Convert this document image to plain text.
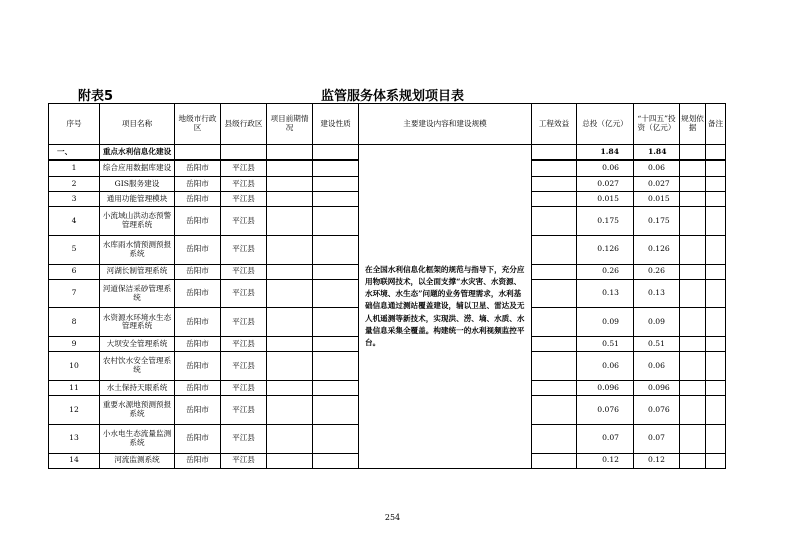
附表5	监管服务体系规划项目表
序号	项目名称	地级市行政区	县级行政区	项目前期情况	建设性质	主要建设内容和建设规模	工程效益	总投（亿元）	“十四五”投资（亿元）	规划依据	备注
一、	重点水利信息化建设					在全国水利信息化框架的规范与指导下，充分应用物联网技术，以全面支撑“水灾害、水资源、水环境、水生态”问题的业务管理需求，水利基础信息通过测站覆盖建设，辅以卫星、雷达及无人机遥测等新技术，实现洪、涝、墒、水质、水量信息采集全覆盖。构建统一的水利视频监控平台。		1.84	1.84		
1	综合应用数据库建设	岳阳市	平江县					0.06	0.06		
2	GIS服务建设	岳阳市	平江县					0.027	0.027		
3	通用功能管理模块	岳阳市	平江县					0.015	0.015		
4	小流域山洪动态预警管理系统	岳阳市	平江县					0.175	0.175		
5	水库雨水情预测预报系统	岳阳市	平江县					0.126	0.126		
6	河湖长制管理系统	岳阳市	平江县					0.26	0.26		
7	河道保洁采砂管理系统	岳阳市	平江县					0.13	0.13		
8	水资源水环境水生态管理系统	岳阳市	平江县					0.09	0.09		
9	大坝安全管理系统	岳阳市	平江县					0.51	0.51		
10	农村饮水安全管理系统	岳阳市	平江县					0.06	0.06		
11	水土保持天眼系统	岳阳市	平江县					0.096	0.096		
12	重要水源地预测预报系统	岳阳市	平江县					0.076	0.076		
13	小水电生态流量监测系统	岳阳市	平江县					0.07	0.07		
14	河流监测系统	岳阳市	平江县					0.12	0.12		
254
